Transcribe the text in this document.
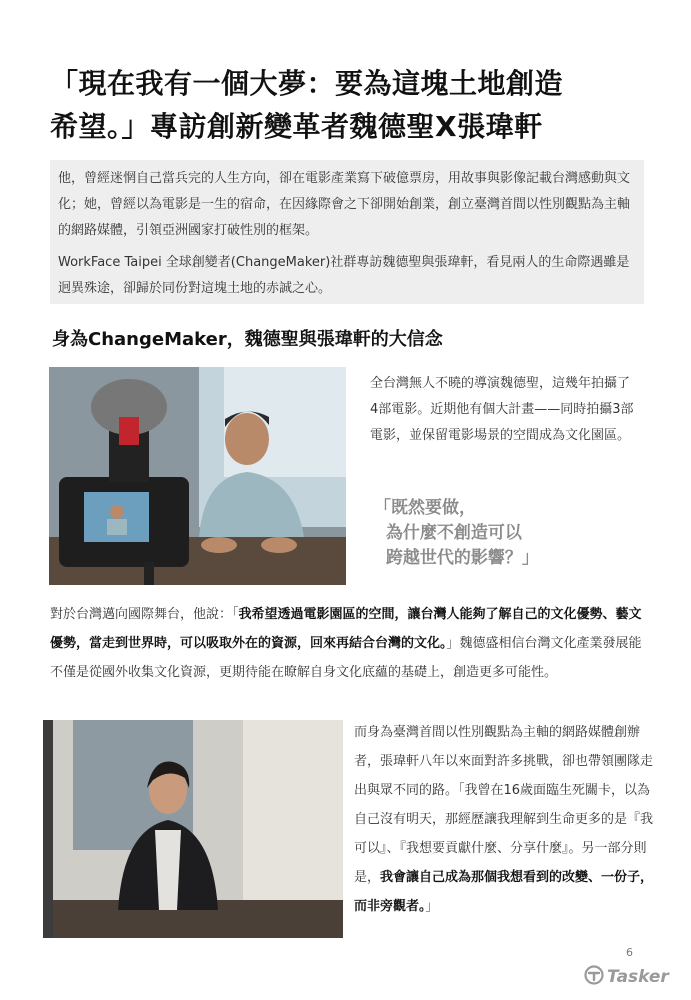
「現在我有一個大夢：要為這塊土地創造
希望。」專訪創新變革者魏德聖X張瑋軒

他，曾經迷惘自己當兵完的人生方向，卻在電影產業寫下破億票房，用故事與影像記載台灣感動與文化；她，曾經以為電影是一生的宿命，在因緣際會之下卻開始創業，創立臺灣首間以性別觀點為主軸的網路媒體，引領亞洲國家打破性別的框架。

WorkFace Taipei 全球創變者(ChangeMaker)社群專訪魏德聖與張瑋軒，看見兩人的生命際遇雖是迥異殊途，卻歸於同份對這塊土地的赤誠之心。

身為ChangeMaker，魏德聖與張瑋軒的大信念
全台灣無人不曉的導演魏德聖，這幾年拍攝了4部電影。近期他有個大計畫——同時拍攝3部電影，並保留電影場景的空間成為文化園區。
「既然要做，
為什麼不創造可以
跨越世代的影響？」
對於台灣邁向國際舞台，他說：「我希望透過電影園區的空間，讓台灣人能夠了解自己的文化優勢、藝文優勢，當走到世界時，可以吸取外在的資源，回來再結合台灣的文化。」魏德盛相信台灣文化產業發展能不僅是從國外收集文化資源，更期待能在瞭解自身文化底蘊的基礎上，創造更多可能性。
而身為臺灣首間以性別觀點為主軸的網路媒體創辦者，張瑋軒八年以來面對許多挑戰，卻也帶領團隊走出與眾不同的路。「我曾在16歲面臨生死關卡，以為自己沒有明天，那經歷讓我理解到生命更多的是『我可以』、『我想要貢獻什麼、分享什麼』。另一部分則是，我會讓自己成為那個我想看到的改變、一份子，而非旁觀者。」
6
Tasker
